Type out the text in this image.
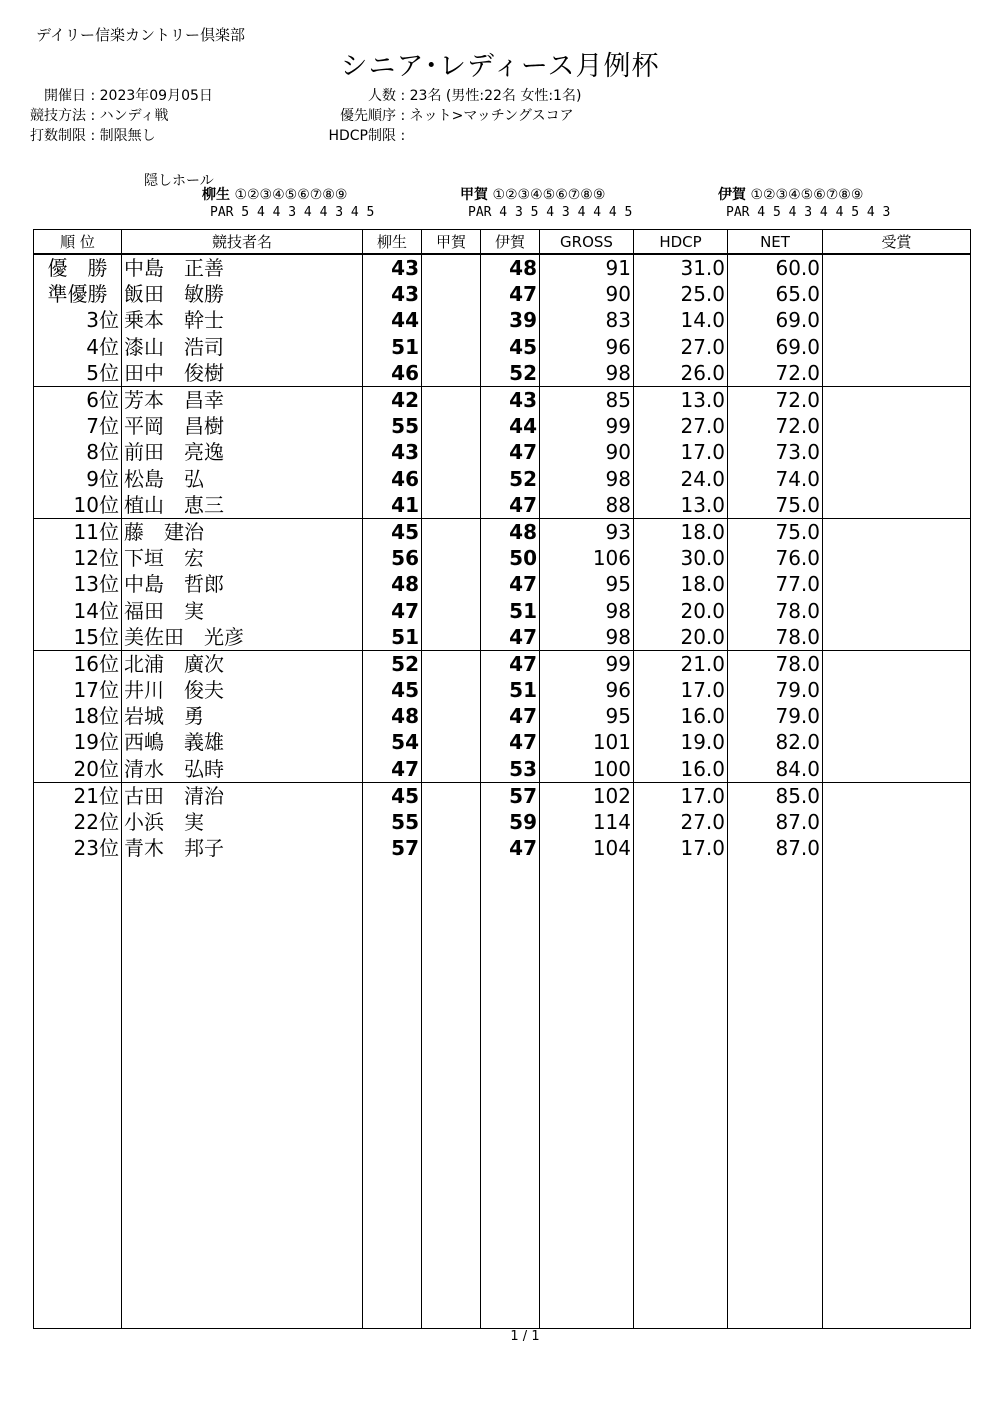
デイリー信楽カントリー倶楽部
シニア･レディース月例杯
開催日 : 2023年09月05日
競技方法 : ハンディ戦
打数制限 : 制限無し
人数 : 23名 (男性:22名 女性:1名)
優先順序 : ネット>マッチングスコア
HDCP制限 :
隠しホール
柳生 ①②③④⑤⑥⑦⑧⑨
PAR 5 4 4 3 4 4 3 4 5
甲賀 ①②③④⑤⑥⑦⑧⑨
PAR 4 3 5 4 3 4 4 4 5
伊賀 ①②③④⑤⑥⑦⑧⑨
PAR 4 5 4 3 4 4 5 4 3
順 位	競技者名	柳生	甲賀	伊賀	GROSS	HDCP	NET	受賞
優　勝	中島　正善	43		48	91	31.0	60.0	
準優勝	飯田　敏勝	43		47	90	25.0	65.0	
3位	乗本　幹士	44		39	83	14.0	69.0	
4位	漆山　浩司	51		45	96	27.0	69.0	
5位	田中　俊樹	46		52	98	26.0	72.0	
6位	芳本　昌幸	42		43	85	13.0	72.0	
7位	平岡　昌樹	55		44	99	27.0	72.0	
8位	前田　亮逸	43		47	90	17.0	73.0	
9位	松島　弘	46		52	98	24.0	74.0	
10位	植山　恵三	41		47	88	13.0	75.0	
11位	藤　建治	45		48	93	18.0	75.0	
12位	下垣　宏	56		50	106	30.0	76.0	
13位	中島　哲郎	48		47	95	18.0	77.0	
14位	福田　実	47		51	98	20.0	78.0	
15位	美佐田　光彦	51		47	98	20.0	78.0	
16位	北浦　廣次	52		47	99	21.0	78.0	
17位	井川　俊夫	45		51	96	17.0	79.0	
18位	岩城　勇	48		47	95	16.0	79.0	
19位	西嶋　義雄	54		47	101	19.0	82.0	
20位	清水　弘時	47		53	100	16.0	84.0	
21位	古田　清治	45		57	102	17.0	85.0	
22位	小浜　実	55		59	114	27.0	87.0	
23位	青木　邦子	57		47	104	17.0	87.0	

1 / 1
